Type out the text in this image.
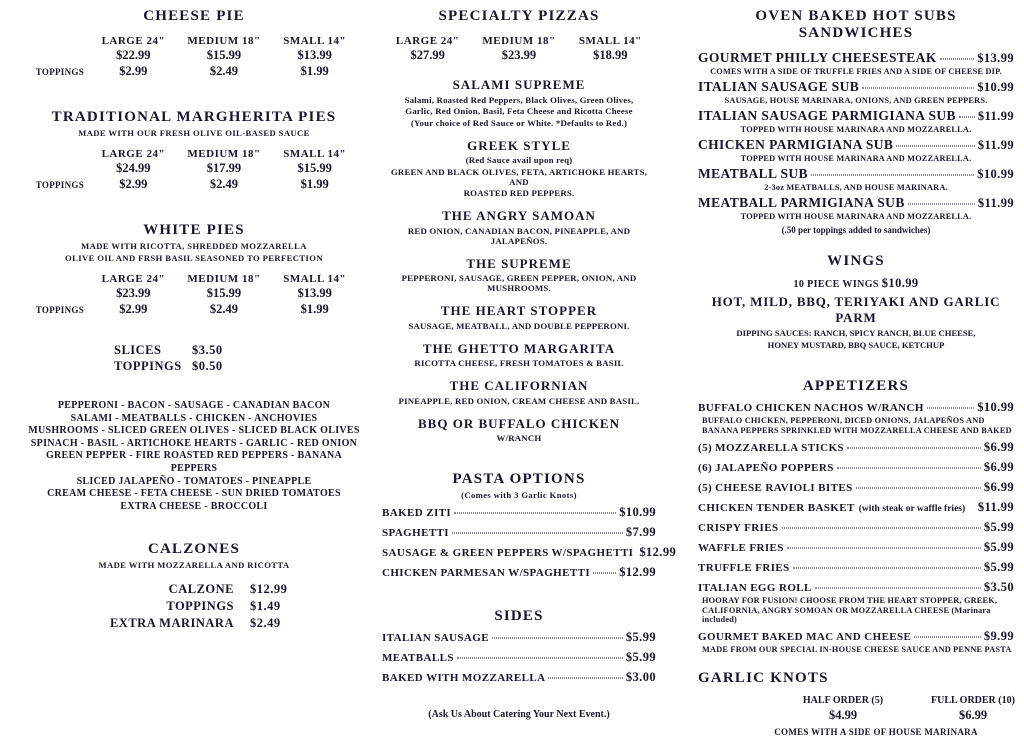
CHEESE PIE
LARGE 24"	MEDIUM 18"	SMALL 14"
$22.99	$15.99	$13.99
TOPPINGS	$2.99	$2.49	$1.99
TRADITIONAL MARGHERITA PIES
MADE WITH OUR FRESH OLIVE OIL-BASED SAUCE
LARGE 24"	MEDIUM 18"	SMALL 14"
$24.99	$17.99	$15.99
TOPPINGS	$2.99	$2.49	$1.99
WHITE PIES
MADE WITH RICOTTA, SHREDDED MOZZARELLA
OLIVE OIL AND FRSH BASIL SEASONED TO PERFECTION
LARGE 24"	MEDIUM 18"	SMALL 14"
$23.99	$15.99	$13.99
TOPPINGS	$2.99	$2.49	$1.99
SLICES	$3.50
TOPPINGS $0.50
PEPPERONI - BACON - SAUSAGE - CANADIAN BACON
SALAMI - MEATBALLS - CHICKEN - ANCHOVIES
MUSHROOMS - SLICED GREEN OLIVES - SLICED BLACK OLIVES
SPINACH - BASIL - ARTICHOKE HEARTS - GARLIC - RED ONION
GREEN PEPPER - FIRE ROASTED RED PEPPERS - BANANA PEPPERS
SLICED JALAPEÑO - TOMATOES - PINEAPPLE
CREAM CHEESE - FETA CHEESE - SUN DRIED TOMATOES
EXTRA CHEESE - BROCCOLI
CALZONES
MADE WITH MOZZARELLA AND RICOTTA
CALZONE $12.99
TOPPINGS $1.49
EXTRA MARINARA $2.49
SPECIALTY PIZZAS
LARGE 24"	MEDIUM 18"	SMALL 14"
$27.99	$23.99	$18.99
SALAMI SUPREME
Salami, Roasted Red Peppers, Black Olives, Green Olives,
Garlic, Red Onion, Basil, Feta Cheese and Ricotta Cheese
(Your choice of Red Sauce or White. *Defaults to Red.)
GREEK STYLE
(Red Sauce avail upon req)
GREEN AND BLACK OLIVES, FETA, ARTICHOKE HEARTS, AND
ROASTED RED PEPPERS.
THE ANGRY SAMOAN
RED ONION, CANADIAN BACON, PINEAPPLE, AND JALAPEÑOS.
THE SUPREME
PEPPERONI, SAUSAGE, GREEN PEPPER, ONION, AND MUSHROOMS.
THE HEART STOPPER
SAUSAGE, MEATBALL, AND DOUBLE PEPPERONI.
THE GHETTO MARGARITA
RICOTTA CHEESE, FRESH TOMATOES & BASIL
THE CALIFORNIAN
PINEAPPLE, RED ONION, CREAM CHEESE AND BASIL.
BBQ OR BUFFALO CHICKEN
W/RANCH
PASTA OPTIONS
(Comes with 3 Garlic Knots)
BAKED ZITI	$10.99
SPAGHETTI	$7.99
SAUSAGE & GREEN PEPPERS W/SPAGHETTI $12.99
CHICKEN PARMESAN W/SPAGHETTI $12.99
SIDES
ITALIAN SAUSAGE	$5.99
MEATBALLS	$5.99
BAKED WITH MOZZARELLA	$3.00
(Ask Us About Catering Your Next Event.)
OVEN BAKED HOT SUBS SANDWICHES
GOURMET PHILLY CHEESESTEAK	$13.99
COMES WITH A SIDE OF TRUFFLE FRIES AND A SIDE OF CHEESE DIP.
ITALIAN SAUSAGE SUB	$10.99
SAUSAGE, HOUSE MARINARA, ONIONS, AND GREEN PEPPERS.
ITALIAN SAUSAGE PARMIGIANA SUB $11.99
TOPPED WITH HOUSE MARINARA AND MOZZARELLA.
CHICKEN PARMIGIANA SUB	$11.99
TOPPED WITH HOUSE MARINARA AND MOZZARELLA.
MEATBALL SUB	$10.99
2-3oz MEATBALLS, AND HOUSE MARINARA.
MEATBALL PARMIGIANA SUB	$11.99
TOPPED WITH HOUSE MARINARA AND MOZZARELLA.
(.50 per toppings added to sandwiches)
WINGS
10 PIECE WINGS $10.99
HOT, MILD, BBQ, TERIYAKI AND GARLIC PARM
DIPPING SAUCES: RANCH, SPICY RANCH, BLUE CHEESE,
HONEY MUSTARD, BBQ SAUCE, KETCHUP
APPETIZERS
BUFFALO CHICKEN NACHOS W/RANCH	$10.99
BUFFALO CHICKEN, PEPPERONI, DICED ONIONS, JALAPEÑOS AND
BANANA PEPPERS SPRINKLED WITH MOZZARELLA CHEESE AND BAKED
(5) MOZZARELLA STICKS	$6.99
(6) JALAPEÑO POPPERS	$6.99
(5) CHEESE RAVIOLI BITES	$6.99
CHICKEN TENDER BASKET (with steak or waffle fries) $11.99
CRISPY FRIES	$5.99
WAFFLE FRIES	$5.99
TRUFFLE FRIES	$5.99
ITALIAN EGG ROLL	$3.50
HOORAY FOR FUSION! CHOOSE FROM THE HEART STOPPER, GREEK,
CALIFORNIA, ANGRY SOMOAN OR MOZZARELLA CHEESE (Marinara included)
GOURMET BAKED MAC AND CHEESE	$9.99
MADE FROM OUR SPECIAL IN-HOUSE CHEESE SAUCE AND PENNE PASTA
GARLIC KNOTS
HALF ORDER (5)	FULL ORDER (10)
$4.99	$6.99
COMES WITH A SIDE OF HOUSE MARINARA
